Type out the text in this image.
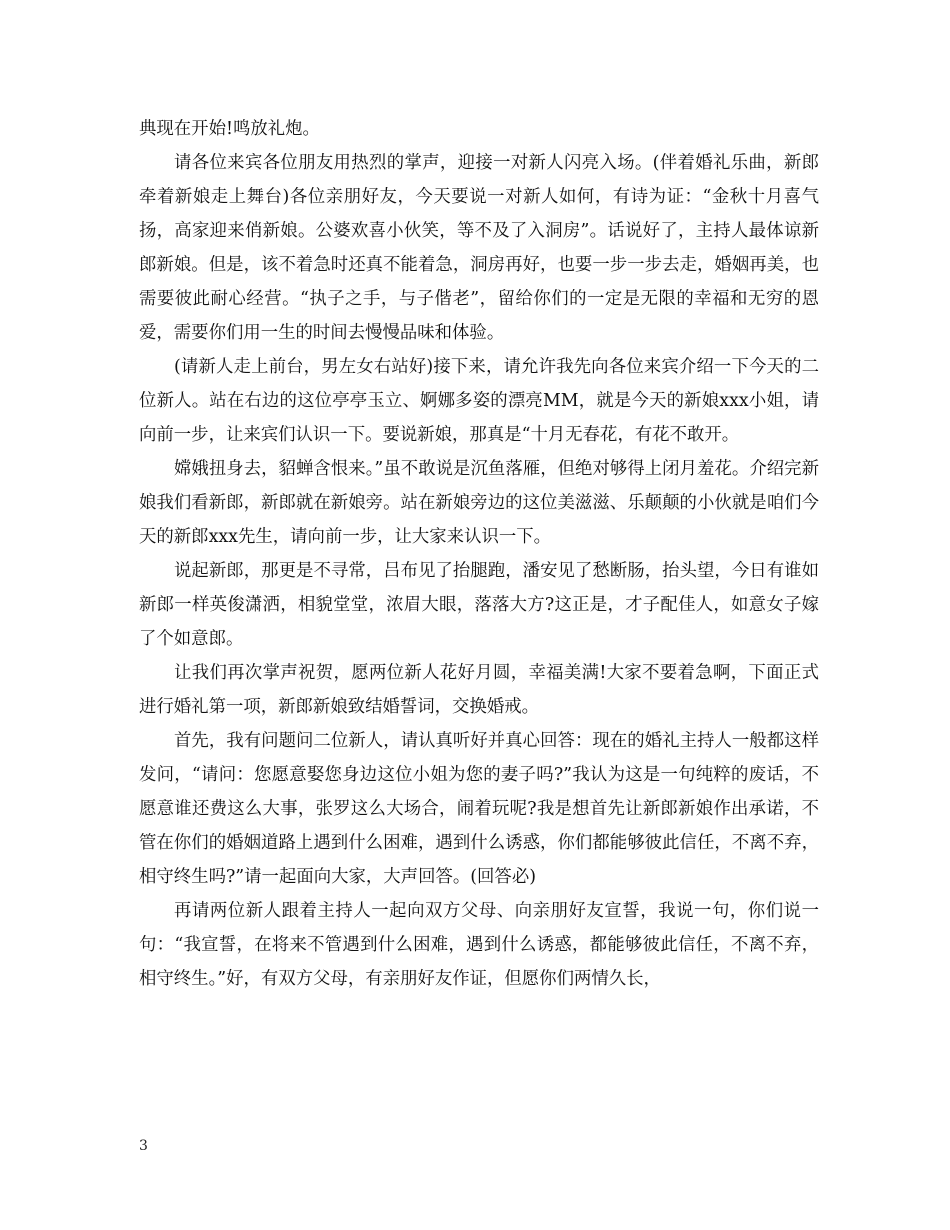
典现在开始!鸣放礼炮。

请各位来宾各位朋友用热烈的掌声，迎接一对新人闪亮入场。(伴着婚礼乐曲，新郎牵着新娘走上舞台)各位亲朋好友，今天要说一对新人如何，有诗为证：“金秋十月喜气扬，高家迎来俏新娘。公婆欢喜小伙笑，等不及了入洞房”。话说好了，主持人最体谅新郎新娘。但是，该不着急时还真不能着急，洞房再好，也要一步一步去走，婚姻再美，也需要彼此耐心经营。“执子之手，与子偕老”，留给你们的一定是无限的幸福和无穷的恩爱，需要你们用一生的时间去慢慢品味和体验。

(请新人走上前台，男左女右站好)接下来，请允许我先向各位来宾介绍一下今天的二位新人。站在右边的这位亭亭玉立、婀娜多姿的漂亮MM，就是今天的新娘xxx小姐，请向前一步，让来宾们认识一下。要说新娘，那真是“十月无春花，有花不敢开。

嫦娥扭身去，貂蝉含恨来。”虽不敢说是沉鱼落雁，但绝对够得上闭月羞花。介绍完新娘我们看新郎，新郎就在新娘旁。站在新娘旁边的这位美滋滋、乐颠颠的小伙就是咱们今天的新郎xxx先生，请向前一步，让大家来认识一下。

说起新郎，那更是不寻常，吕布见了抬腿跑，潘安见了愁断肠，抬头望，今日有谁如新郎一样英俊潇洒，相貌堂堂，浓眉大眼，落落大方?这正是，才子配佳人，如意女子嫁了个如意郎。

让我们再次掌声祝贺，愿两位新人花好月圆，幸福美满!大家不要着急啊，下面正式进行婚礼第一项，新郎新娘致结婚誓词，交换婚戒。

首先，我有问题问二位新人，请认真听好并真心回答：现在的婚礼主持人一般都这样发问，“请问：您愿意娶您身边这位小姐为您的妻子吗?”我认为这是一句纯粹的废话，不愿意谁还费这么大事，张罗这么大场合，闹着玩呢?我是想首先让新郎新娘作出承诺，不管在你们的婚姻道路上遇到什么困难，遇到什么诱惑，你们都能够彼此信任，不离不弃，相守终生吗?”请一起面向大家，大声回答。(回答必)

再请两位新人跟着主持人一起向双方父母、向亲朋好友宣誓，我说一句，你们说一句：“我宣誓，在将来不管遇到什么困难，遇到什么诱惑，都能够彼此信任，不离不弃，相守终生。”好，有双方父母，有亲朋好友作证，但愿你们两情久长，

3
